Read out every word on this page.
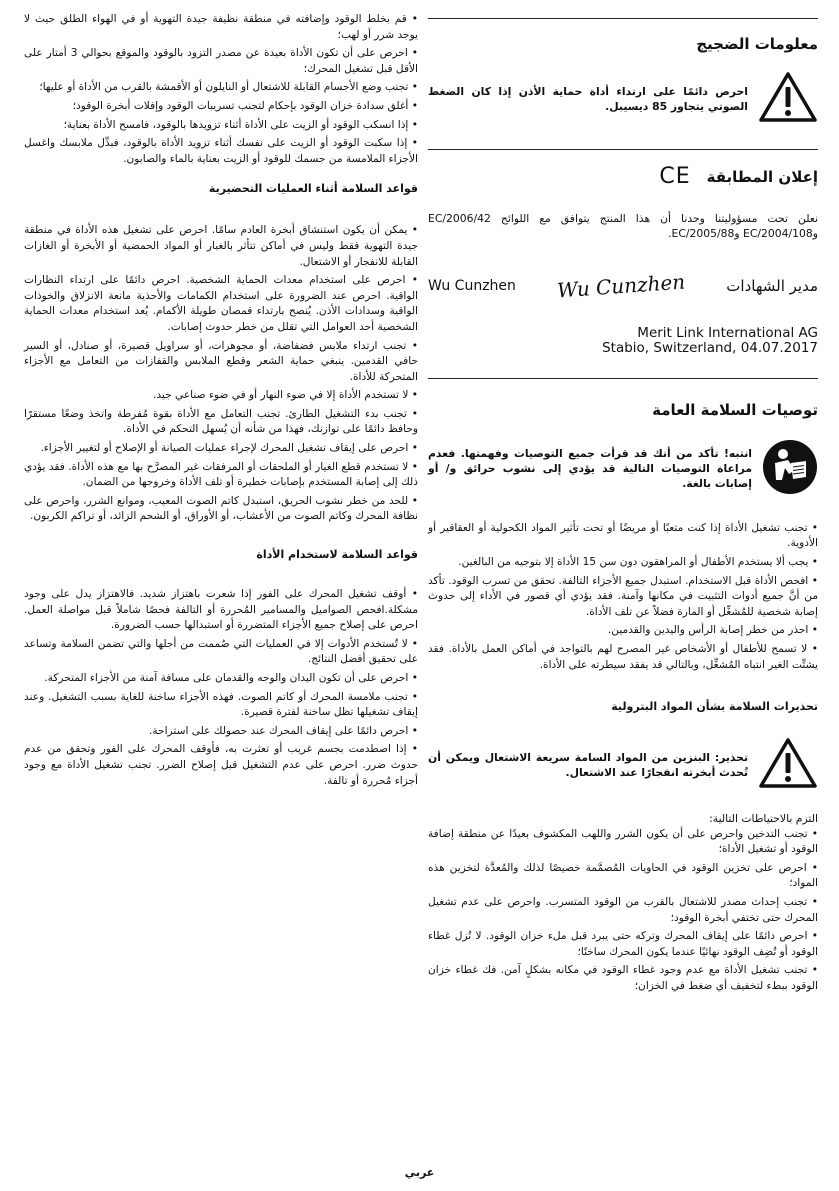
• قم بخلط الوقود وإضافته في منطقة نظيفة جيدة التهوية أو في الهواء الطلق حيث لا يوجد شرر أو لهب؛

• احرص على أن تكون الأداة بعيدة عن مصدر التزود بالوقود والموقع بحوالي 3 أمتار على الأقل قبل تشغيل المحرك؛

• تجنب وضع الأجسام القابلة للاشتعال أو النايلون أو الأقمشة بالقرب من الأداة أو عليها؛

• أغلق سدادة خزان الوقود بإحكام لتجنب تسريبات الوقود وإفلات أبخرة الوقود؛

• إذا انسكب الوقود أو الزيت على الأداة أثناء تزويدها بالوقود، فامسح الأداة بعناية؛

• إذا سكبت الوقود أو الزيت على نفسك أثناء تزويد الأداة بالوقود، فبدِّل ملابسك واغسل الأجزاء الملامسة من جسمك للوقود أو الزيت بعناية بالماء والصابون.

قواعد السلامة أثناء العمليات التحضيرية

• يمكن أن يكون استنشاق أبخرة العادم سامًا. احرص على تشغيل هذه الأداة في منطقة جيدة التهوية فقط وليس في أماكن تتأثر بالغبار أو المواد الحمضية أو الأبخرة أو الغازات القابلة للانفجار أو الاشتعال.

• احرص على استخدام معدات الحماية الشخصية. احرص دائمًا على ارتداء النظارات الواقية. احرص عند الضرورة على استخدام الكمامات والأحذية مانعة الانزلاق والخوذات الواقية وسدادات الأذن. يُنصح بارتداء قمصان طويلة الأكمام. يُعد استخدام معدات الحماية الشخصية أحد العوامل التي تقلل من خطر حدوث إصابات.

• تجنب ارتداء ملابس فضفاضة، أو مجوهرات، أو سراويل قصيرة، أو صنادل، أو السير حافي القدمين. ينبغي حماية الشعر وقطع الملابس والقفازات من التعامل مع الأجزاء المتحركة للأداة.

• لا تستخدم الأداة إلا في ضوء النهار أو في ضوء صناعي جيد.

• تجنب بدء التشغيل الطارئ. تجنب التعامل مع الأداة بقوة مُفرطة واتخذ وضعًا مستقرًا وحافظ دائمًا على توازنك، فهذا من شأنه أن يُسهل التحكم في الأداة.

• احرص على إيقاف تشغيل المحرك لإجراء عمليات الصيانة أو الإصلاح أو لتغيير الأجزاء.

• لا تستخدم قطع الغيار أو الملحقات أو المرفقات غير المصرَّح بها مع هذه الأداة. فقد يؤدي ذلك إلى إصابة المستخدم بإصابات خطيرة أو تلف الأداة وخروجها من الضمان.

• للحد من خطر نشوب الحريق، استبدل كاتم الصوت المعيب، وموانع الشرر، واحرص على نظافة المحرك وكاتم الصوت من الأعشاب، أو الأوراق، أو الشحم الزائد، أو تراكم الكربون.

قواعد السلامة لاستخدام الأداة

• أوقف تشغيل المحرك على الفور إذا شعرت باهتزاز شديد. فالاهتزاز يدل على وجود مشكلة.افحص الصواميل والمسامير المُحررة أو التالفة فحصًا شاملاً قبل مواصلة العمل. احرص على إصلاح جميع الأجزاء المتضررة أو استبدالها حسب الضرورة.

• لا تُستخدم الأدوات إلا في العمليات التي صُممت من أجلها والتي تضمن السلامة وتساعد على تحقيق أفضل النتائج.

• احرص على أن تكون اليدان والوجه والقدمان على مسافة آمنة من الأجزاء المتحركة.

• تجنب ملامسة المحرك أو كاتم الصوت. فهذه الأجزاء ساخنة للغاية بسبب التشغيل. وعند إيقاف تشغيلها تظل ساخنة لفترة قصيرة.

• احرص دائمًا على إيقاف المحرك عند حصولك على استراحة.

• إذا اصطدمت بجسم غريب أو تعثرت به، فأوقف المحرك على الفور وتحقق من عدم حدوث ضرر. احرص على عدم التشغيل قبل إصلاح الضرر. تجنب تشغيل الأداة مع وجود أجزاء مُحررة أو تالفة.

معلومات الضجيج

احرص دائمًا على ارتداء أداة حماية الأذن إذا كان الضغط الصوتي يتجاوز 85 ديسيبل.

إعلان المطابقة
CE

نعلن تحت مسؤوليتنا وحدنا أن هذا المنتج يتوافق مع اللوائح 2006/42/EC و2004/108/EC و2005/88/EC.

مدير الشهادات
Wu Cunzhen
Wu Cunzhen
Merit Link International AG
Stabio, Switzerland, 04.07.2017
توصيات السلامة العامة

انتبه! تأكد من أنك قد قرأت جميع التوصيات وفهمتها. فعدم مراعاة التوصيات التالية قد يؤدي إلى نشوب حرائق و/ أو إصابات بالغة.

• تجنب تشغيل الأداة إذا كنت متعبًا أو مريضًا أو تحت تأثير المواد الكحولية أو العقاقير أو الأدوية.

• يجب ألا يستخدم الأطفال أو المراهقون دون سن 15 الأداة إلا بتوجيه من البالغين.

• افحص الأداة قبل الاستخدام. استبدل جميع الأجزاء التالفة. تحقق من تسرب الوقود. تأكد من أنَّ جميع أدوات التثبيت في مكانها وآمنة. فقد يؤدي أي قصور في الأداء إلى حدوث إصابة شخصية للمُشغِّل أو المارة فضلاً عن تلف الأداة.

• احذر من خطر إصابة الرأس واليدين والقدمين.

• لا تسمح للأطفال أو الأشخاص غير المصرح لهم بالتواجد في أماكن العمل بالأداة. فقد يشتِّت الغير انتباه المُشغِّل، وبالتالي قد يفقد سيطرته على الأداة.

تحذيرات السلامة بشأن المواد البترولية

تحذير: البنزين من المواد السامة سريعة الاشتعال ويمكن أن تُحدث أبخرته انفجارًا عند الاشتعال.

التزم بالاحتياطات التالية:

• تجنب التدخين واحرص على أن يكون الشرر واللهب المكشوف بعيدًا عن منطقة إضافة الوقود أو تشغيل الأداة؛

• احرص على تخزين الوقود في الحاويات المُصمَّمة خصيصًا لذلك والمُعدَّة لتخزين هذه المواد؛

• تجنب إحداث مصدر للاشتعال بالقرب من الوقود المتسرب. واحرص على عدم تشغيل المحرك حتى تختفي أبخرة الوقود؛

• احرص دائمًا على إيقاف المحرك وتركه حتى يبرد قبل ملء خزان الوقود. لا تُزل غطاء الوقود أو تُضِف الوقود نهائيًا عندما يكون المحرك ساخنًا؛

• تجنب تشغيل الأداة مع عدم وجود غطاء الوقود في مكانه بشكلٍ آمن. فك غطاء خزان الوقود ببطء لتخفيف أي ضغط في الخزان؛

عربي
